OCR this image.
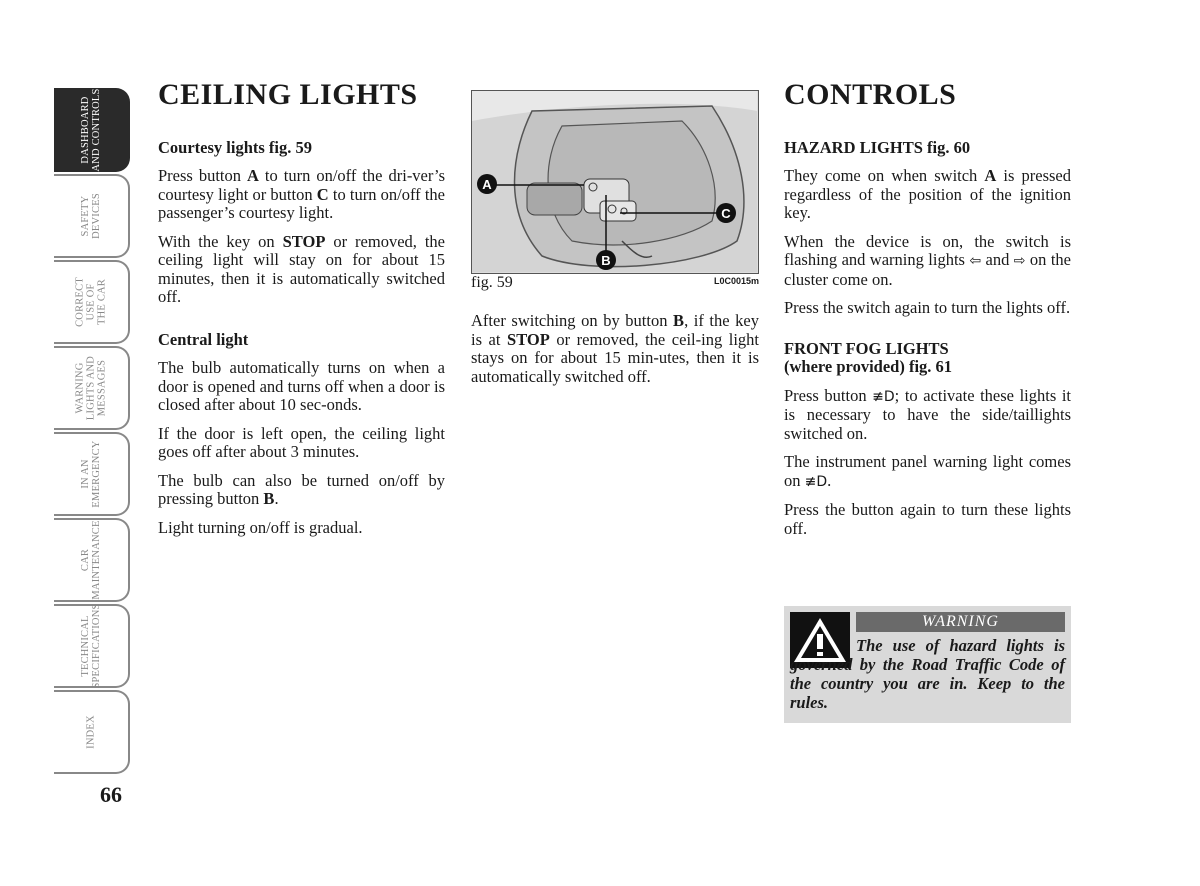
DASHBOARD
AND CONTROLS
SAFETY
DEVICES
CORRECT
USE OF
THE CAR
WARNING
LIGHTS AND
MESSAGES
IN AN
EMERGENCY
CAR
MAINTENANCE
TECHNICAL
SPECIFICATIONS
INDEX
66
CEILING LIGHTS
Courtesy lights fig. 59

Press button A to turn on/off the dri-ver’s courtesy light or button C to turn on/off the passenger’s courtesy light.

With the key on STOP or removed, the ceiling light will stay on for about 15 minutes, then it is automatically switched off.

Central light

The bulb automatically turns on when a door is opened and turns off when a door is closed after about 10 sec-onds.

If the door is left open, the ceiling light goes off after about 3 minutes.

The bulb can also be turned on/off by pressing button B.

Light turning on/off is gradual.

A
C
B
fig. 59	L0C0015m

After switching on by button B, if the key is at STOP or removed, the ceil-ing light stays on for about 15 min-utes, then it is automatically switched off.

CONTROLS
HAZARD LIGHTS fig. 60

They come on when switch A is pressed regardless of the position of the ignition key.

When the device is on, the switch is flashing and warning lights ⇦ and ⇨ on the cluster come on.

Press the switch again to turn the lights off.

FRONT FOG LIGHTS
(where provided) fig. 61

Press button ≢D; to activate these lights it is necessary to have the side/taillights switched on.

The instrument panel warning light comes on ≢D.

Press the button again to turn these lights off.

WARNING
The use of hazard lights is governed by the Road Traffic Code of the country you are in. Keep to the rules.
